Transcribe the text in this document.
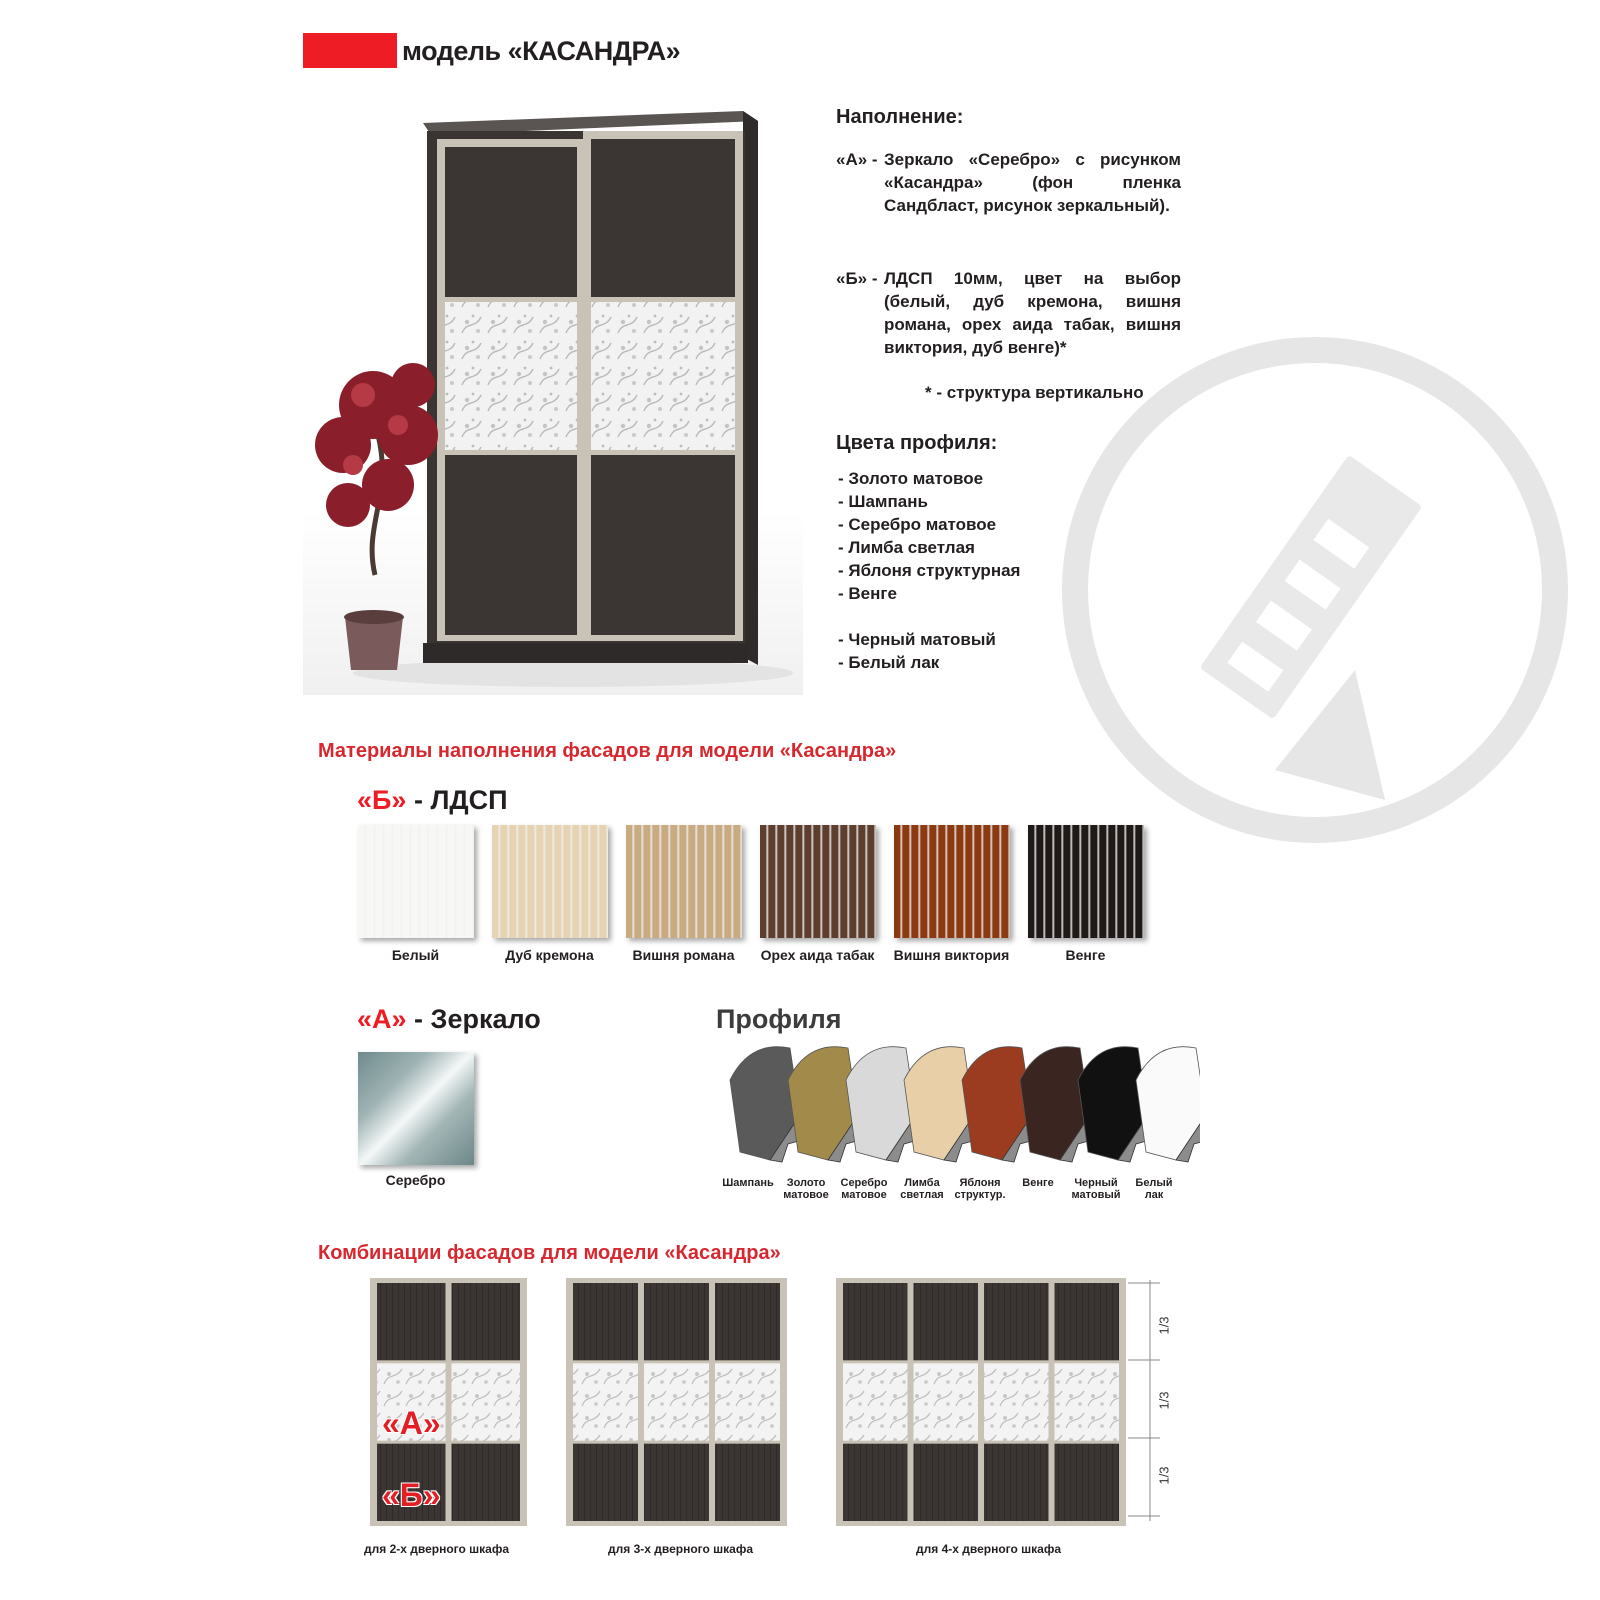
модель «КАСАНДРА»
Наполнение:
«А» - Зеркало «Серебро» с рисунком «Касандра» (фон пленка Сандбласт, рисунок зеркальный).
«Б» - ЛДСП 10мм, цвет на выбор (белый, дуб кремона, вишня романа, орех аида табак, вишня виктория, дуб венге)*
* - структура вертикально
Цвета профиля:
- Золото матовое
- Шампань
- Серебро матовое
- Лимба светлая
- Яблоня структурная
- Венге
- Черный матовый
- Белый лак
Материалы наполнения фасадов для модели «Касандра»
«Б» - ЛДСП
Белый	Дуб кремона	Вишня романа	Орех аида табак	Вишня виктория	Венге
«А» - Зеркало
Серебро
Профиля
Шампань	Золото
матовое
Серебро
матовое
Лимба
светлая
Яблоня
структур.
Венге	Черный
матовый
Белый
лак
Комбинации фасадов для модели «Касандра»
«А»
«Б»
1/3
1/3
1/3
для 2-х дверного шкафа	для 3-х дверного шкафа	для 4-х дверного шкафа
